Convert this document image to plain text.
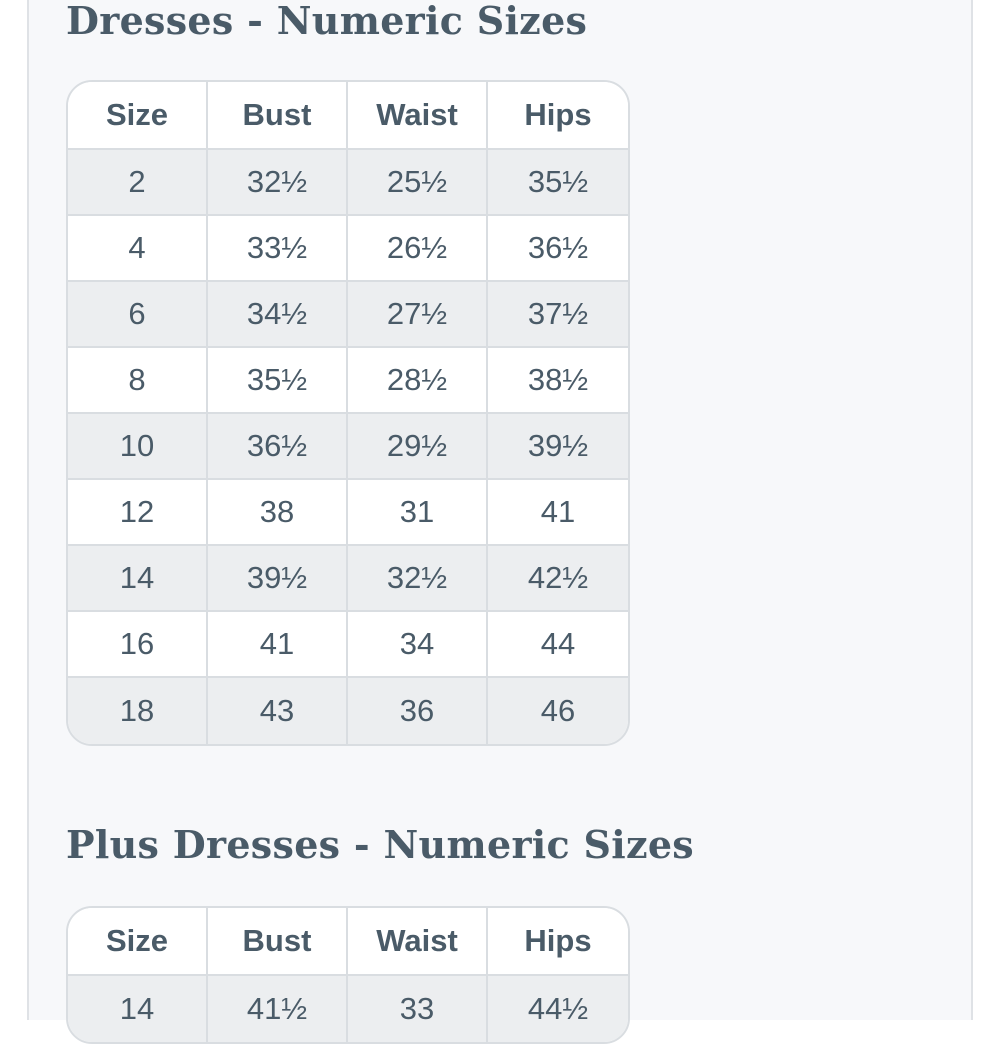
Dresses - Numeric Sizes
Size	Bust	Waist	Hips
2	32½	25½	35½
4	33½	26½	36½
6	34½	27½	37½
8	35½	28½	38½
10	36½	29½	39½
12	38	31	41
14	39½	32½	42½
16	41	34	44
18	43	36	46
Plus Dresses - Numeric Sizes
Size	Bust	Waist	Hips
14	41½	33	44½
